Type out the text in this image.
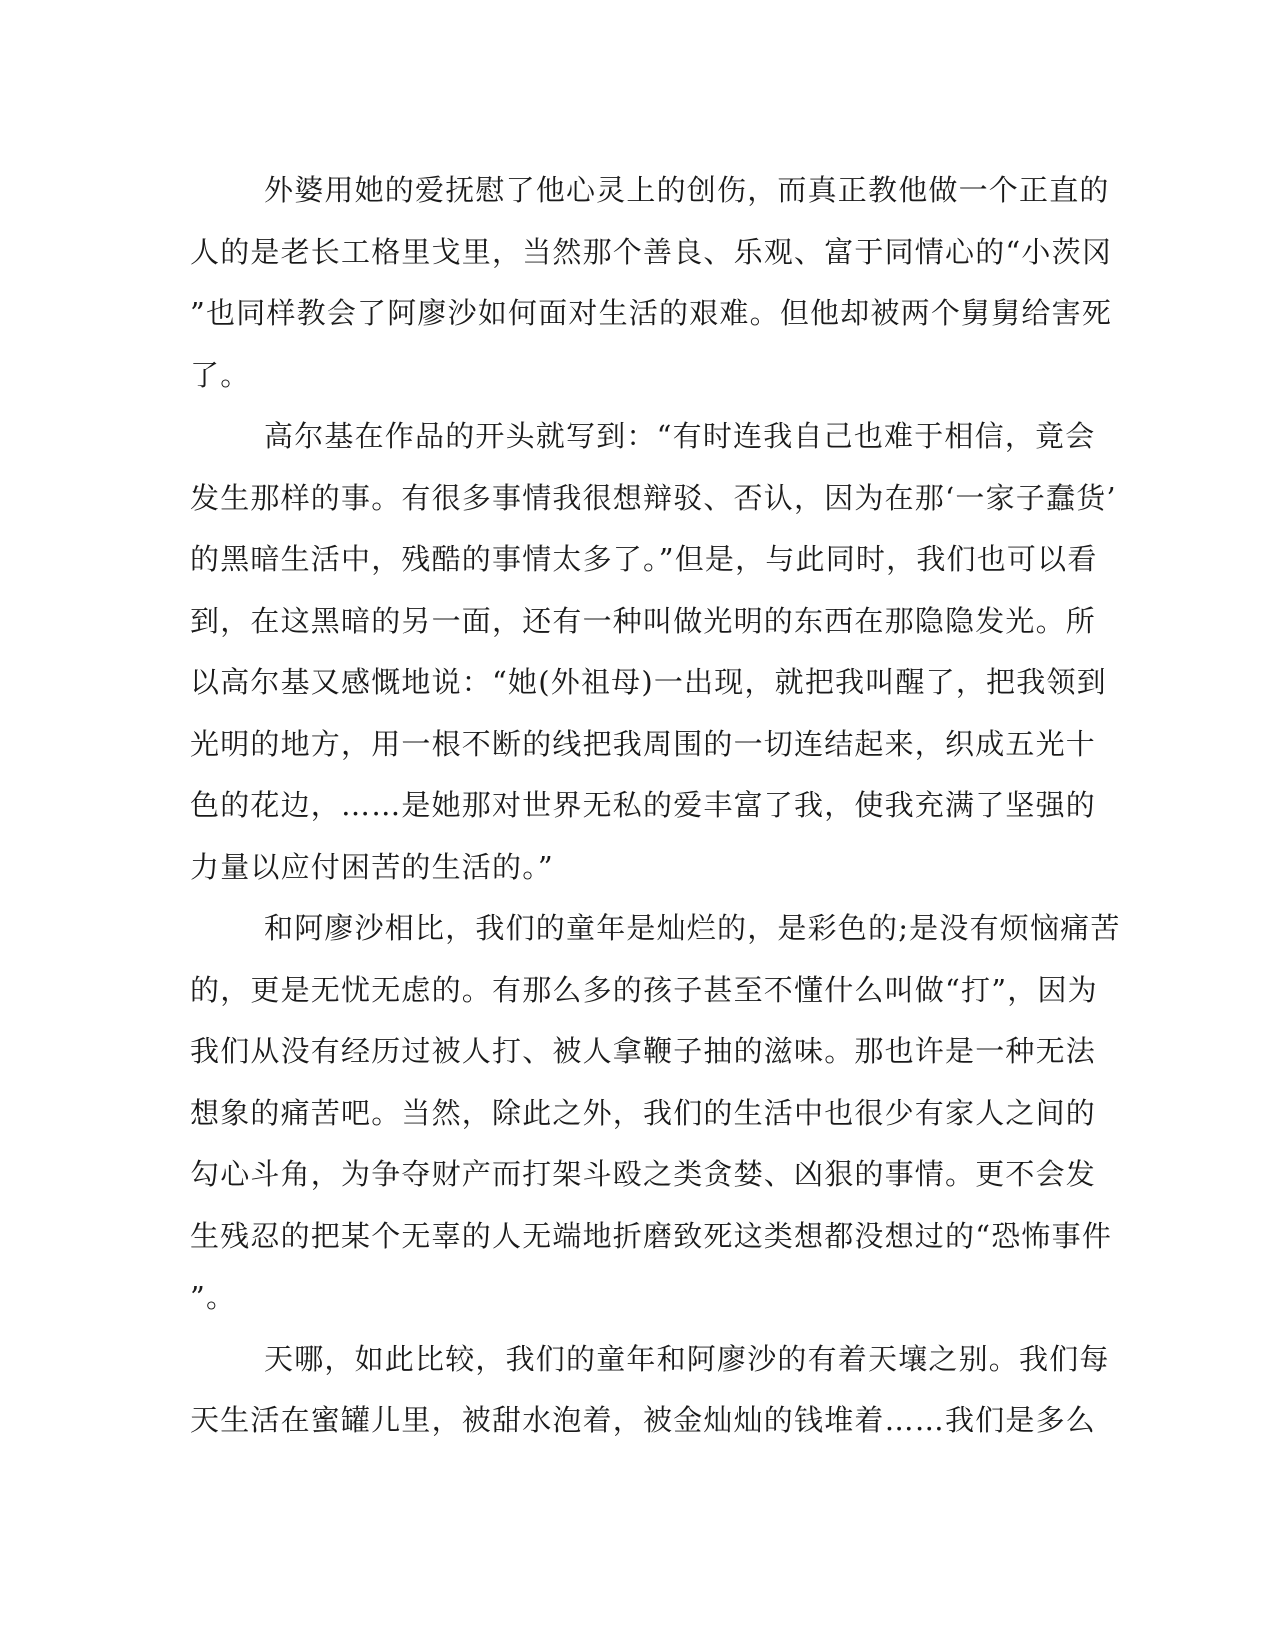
外婆用她的爱抚慰了他心灵上的创伤，而真正教他做一个正直的
人的是老长工格里戈里，当然那个善良、乐观、富于同情心的“小茨冈
”也同样教会了阿廖沙如何面对生活的艰难。但他却被两个舅舅给害死
了。
高尔基在作品的开头就写到：“有时连我自己也难于相信，竟会
发生那样的事。有很多事情我很想辩驳、否认，因为在那‘一家子蠢货’
的黑暗生活中，残酷的事情太多了。”但是，与此同时，我们也可以看
到，在这黑暗的另一面，还有一种叫做光明的东西在那隐隐发光。所
以高尔基又感慨地说：“她(外祖母)一出现，就把我叫醒了，把我领到
光明的地方，用一根不断的线把我周围的一切连结起来，织成五光十
色的花边，……是她那对世界无私的爱丰富了我，使我充满了坚强的
力量以应付困苦的生活的。”
和阿廖沙相比，我们的童年是灿烂的，是彩色的;是没有烦恼痛苦
的，更是无忧无虑的。有那么多的孩子甚至不懂什么叫做“打”，因为
我们从没有经历过被人打、被人拿鞭子抽的滋味。那也许是一种无法
想象的痛苦吧。当然，除此之外，我们的生活中也很少有家人之间的
勾心斗角，为争夺财产而打架斗殴之类贪婪、凶狠的事情。更不会发
生残忍的把某个无辜的人无端地折磨致死这类想都没想过的“恐怖事件
”。
天哪，如此比较，我们的童年和阿廖沙的有着天壤之别。我们每
天生活在蜜罐儿里，被甜水泡着，被金灿灿的钱堆着……我们是多么
